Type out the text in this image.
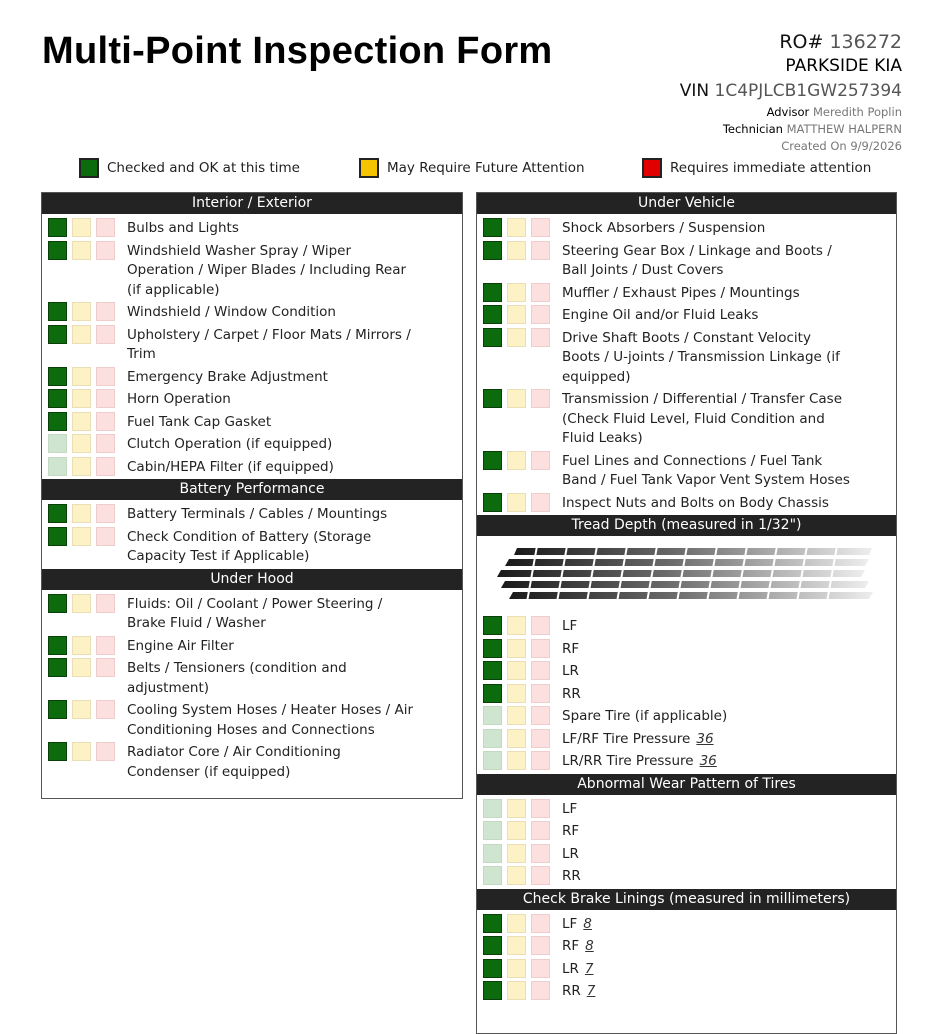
Multi-Point Inspection Form	RO# 136272
PARKSIDE KIA
VIN 1C4PJLCB1GW257394
Advisor Meredith Poplin
Technician MATTHEW HALPERN
Created On 9/9/2026
Checked and OK at this time	May Require Future Attention	Requires immediate attention
Interior / Exterior
Bulbs and Lights
Windshield Washer Spray / Wiper Operation / Wiper Blades / Including Rear (if applicable)
Windshield / Window Condition
Upholstery / Carpet / Floor Mats / Mirrors / Trim
Emergency Brake Adjustment
Horn Operation
Fuel Tank Cap Gasket
Clutch Operation (if equipped)
Cabin/HEPA Filter (if equipped)
Battery Performance
Battery Terminals / Cables / Mountings
Check Condition of Battery (Storage Capacity Test if Applicable)
Under Hood
Fluids: Oil / Coolant / Power Steering / Brake Fluid / Washer
Engine Air Filter
Belts / Tensioners (condition and adjustment)
Cooling System Hoses / Heater Hoses / Air Conditioning Hoses and Connections
Radiator Core / Air Conditioning Condenser (if equipped)
Under Vehicle
Shock Absorbers / Suspension
Steering Gear Box / Linkage and Boots / Ball Joints / Dust Covers
Muffler / Exhaust Pipes / Mountings
Engine Oil and/or Fluid Leaks
Drive Shaft Boots / Constant Velocity Boots / U-joints / Transmission Linkage (if equipped)
Transmission / Differential / Transfer Case (Check Fluid Level, Fluid Condition and Fluid Leaks)
Fuel Lines and Connections / Fuel Tank Band / Fuel Tank Vapor Vent System Hoses
Inspect Nuts and Bolts on Body Chassis
Tread Depth (measured in 1/32")
LF
RF
LR
RR
Spare Tire (if applicable)
LF/RF Tire Pressure 36
LR/RR Tire Pressure 36
Abnormal Wear Pattern of Tires
LF
RF
LR
RR
Check Brake Linings (measured in millimeters)
LF 8
RF 8
LR 7
RR 7
